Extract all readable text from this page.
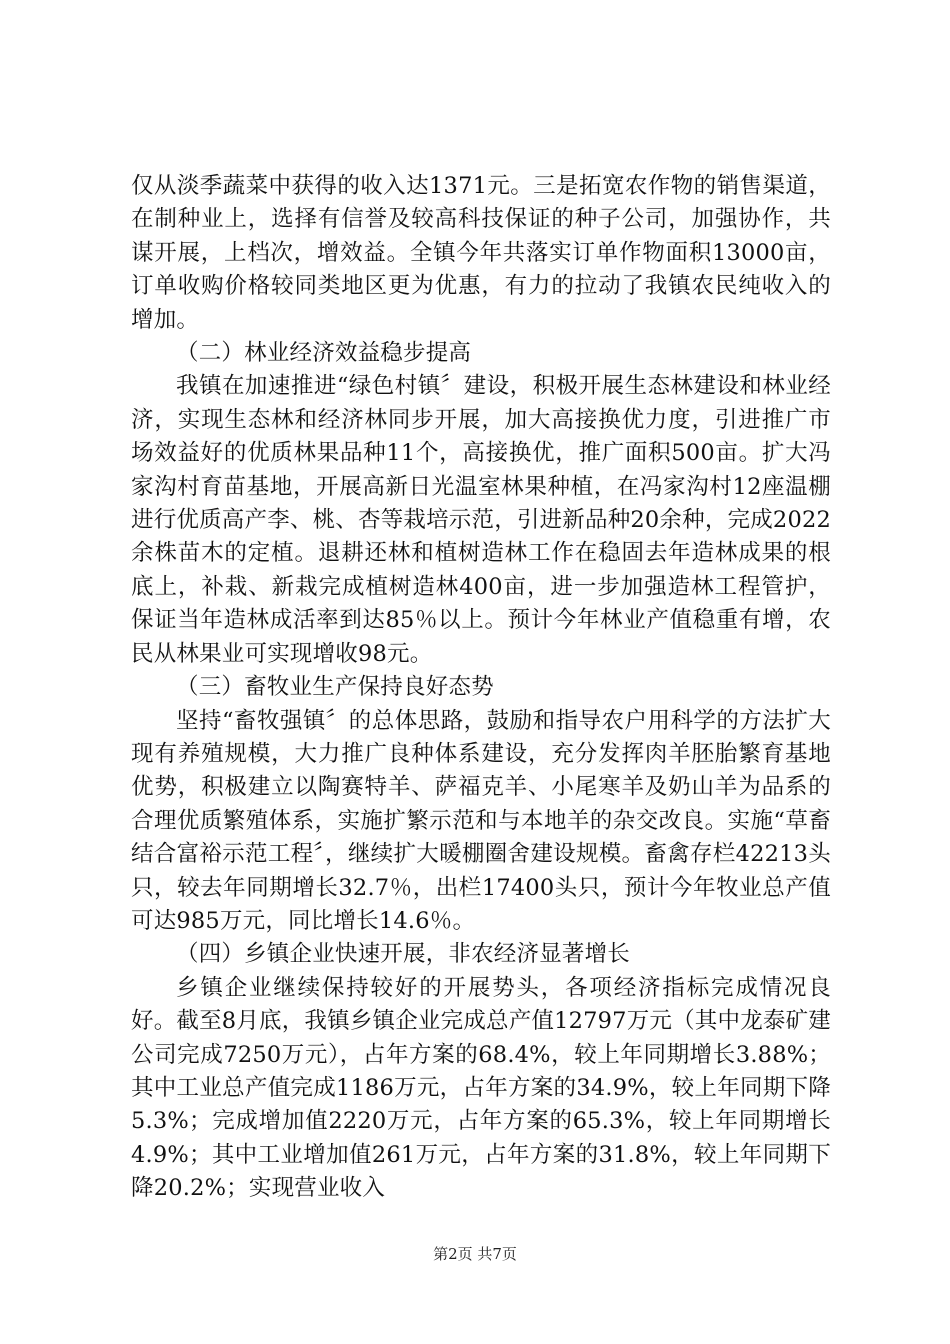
仅从淡季蔬菜中获得的收入达1371元。三是拓宽农作物的销售渠道，在制种业上，选择有信誉及较高科技保证的种子公司，加强协作，共谋开展，上档次，增效益。全镇今年共落实订单作物面积13000亩，订单收购价格较同类地区更为优惠，有力的拉动了我镇农民纯收入的增加。

（二）林业经济效益稳步提高

我镇在加速推进“绿色村镇〞建设，积极开展生态林建设和林业经济，实现生态林和经济林同步开展，加大高接换优力度，引进推广市场效益好的优质林果品种11个，高接换优，推广面积500亩。扩大冯家沟村育苗基地，开展高新日光温室林果种植，在冯家沟村12座温棚进行优质高产李、桃、杏等栽培示范，引进新品种20余种，完成2022余株苗木的定植。退耕还林和植树造林工作在稳固去年造林成果的根底上，补栽、新栽完成植树造林400亩，进一步加强造林工程管护，保证当年造林成活率到达85％以上。预计今年林业产值稳重有增，农民从林果业可实现增收98元。

（三）畜牧业生产保持良好态势

坚持“畜牧强镇〞的总体思路，鼓励和指导农户用科学的方法扩大现有养殖规模，大力推广良种体系建设，充分发挥肉羊胚胎繁育基地优势，积极建立以陶赛特羊、萨福克羊、小尾寒羊及奶山羊为品系的合理优质繁殖体系，实施扩繁示范和与本地羊的杂交改良。实施“草畜结合富裕示范工程〞，继续扩大暖棚圈舍建设规模。畜禽存栏42213头只，较去年同期增长32.7％，出栏17400头只，预计今年牧业总产值可达985万元，同比增长14.6％。

（四）乡镇企业快速开展，非农经济显著增长

乡镇企业继续保持较好的开展势头，各项经济指标完成情况良好。截至8月底，我镇乡镇企业完成总产值12797万元（其中龙泰矿建公司完成7250万元），占年方案的68.4%，较上年同期增长3.88%；其中工业总产值完成1186万元，占年方案的34.9%，较上年同期下降5.3%；完成增加值2220万元，占年方案的65.3%，较上年同期增长4.9%；其中工业增加值261万元，占年方案的31.8%，较上年同期下降20.2%；实现营业收入

第2页 共7页
